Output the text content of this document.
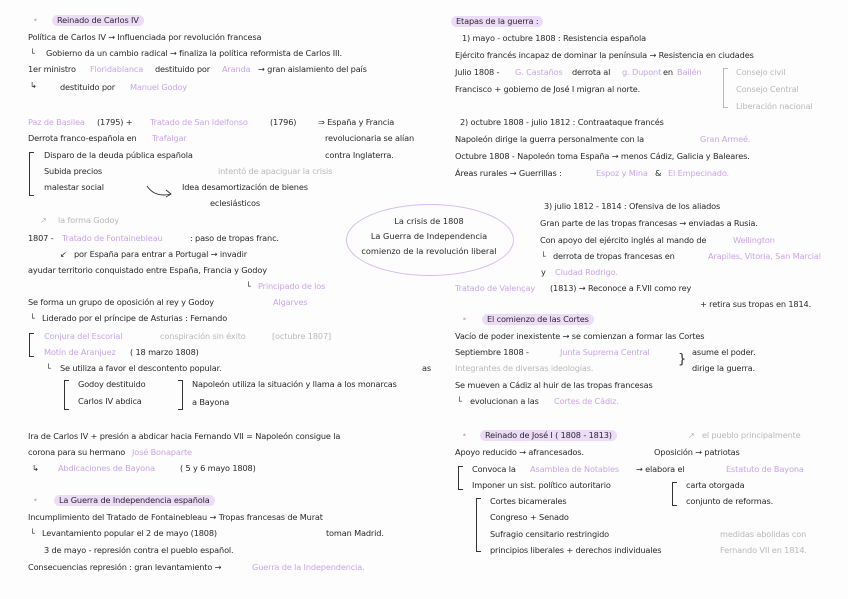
•	Reinado de Carlos IV
Política de Carlos IV → Influenciada por revolución francesa
└ Gobierno da un cambio radical → finaliza la política reformista de Carlos III.
1er ministro Floridablanca destituido por Aranda → gran aislamiento del país
↳	destituido por Manuel Godoy
Paz de Basilea (1795) + Tratado de San Idelfonso	(1796)	⇒ España y Francia
Derrota franco-española en Trafalgar	revolucionaria se alían
Disparo de la deuda pública española	contra Inglaterra.
Subida precios	intentó de apaciguar la crisis
malestar social	Idea desamortización de bienes
eclesiásticos
↗ la forma Godoy
1807 - Tratado de Fontainebleau	: paso de tropas franc.
↙ por España para entrar a Portugal → invadir
ayudar territorio conquistado entre España, Francia y Godoy
└ Principado de los
Se forma un grupo de oposición al rey y Godoy	Algarves
└ Liderado por el príncipe de Asturias : Fernando
Conjura del Escorial	conspiración sin éxito	[octubre 1807]
Motín de Aranjuez ( 18 marzo 1808)
└ Se utiliza a favor el descontento popular.	as
Godoy destituido	Napoleón utiliza la situación y llama a los monarcas
Carlos IV abdica	a Bayona
Ira de Carlos IV + presión a abdicar hacia Fernando VII = Napoleón consigue la
corona para su hermano José Bonaparte
↳ Abdicaciones de Bayona	( 5 y 6 mayo 1808)
•	La Guerra de Independencia española
Incumplimiento del Tratado de Fontainebleau → Tropas francesas de Murat
└ Levantamiento popular el 2 de mayo (1808)	toman Madrid.
3 de mayo - represión contra el pueblo español.
Consecuencias represión : gran levantamiento →	Guerra de la Independencia.
La crisis de 1808
La Guerra de Independencia
comienzo de la revolución liberal
Etapas de la guerra :
1) mayo - octubre 1808 : Resistencia española
Ejército francés incapaz de dominar la península → Resistencia en ciudades
Julio 1808 - G. Castaños derrota al g. Dupont en Bailén	Consejo civil
Francisco + gobierno de José I migran al norte.	Consejo Central
Liberación nacional
2) octubre 1808 - julio 1812 : Contraataque francés
Napoleón dirige la guerra personalmente con la	Gran Armeé.
Octubre 1808 - Napoleón toma España → menos Cádiz, Galicia y Baleares.
Áreas rurales → Guerrillas :	Espoz y Mina & El Empecinado.
3) julio 1812 - 1814 : Ofensiva de los aliados
Gran parte de las tropas francesas → enviadas a Rusia.
Con apoyo del ejército inglés al mando de	Wellington
└ derrota de tropas francesas en	Arapiles, Vitoria, San Marcial
y Ciudad Rodrigo.
Tratado de Valençay (1813) → Reconoce a F.VII como rey
+ retira sus tropas en 1814.
•	El comienzo de las Cortes
Vacío de poder inexistente → se comienzan a formar las Cortes
Septiembre 1808 -	Junta Suprema Central } asume el poder.
Integrantes de diversas ideologías.	dirige la guerra.
Se mueven a Cádiz al huir de las tropas francesas
└ evolucionan a las Cortes de Cádiz.
•	Reinado de José I ( 1808 - 1813)	↗ el pueblo principalmente
Apoyo reducido → afrancesados.	Oposición → patriotas
Convoca la Asamblea de Notables → elabora el	Estatuto de Bayona
Imponer un sist. político autoritario	carta otorgada
Cortes bicamerales	conjunto de reformas.
Congreso + Senado
Sufragio censitario restringido	medidas abolidas con
principios liberales + derechos individuales	Fernando VII en 1814.
